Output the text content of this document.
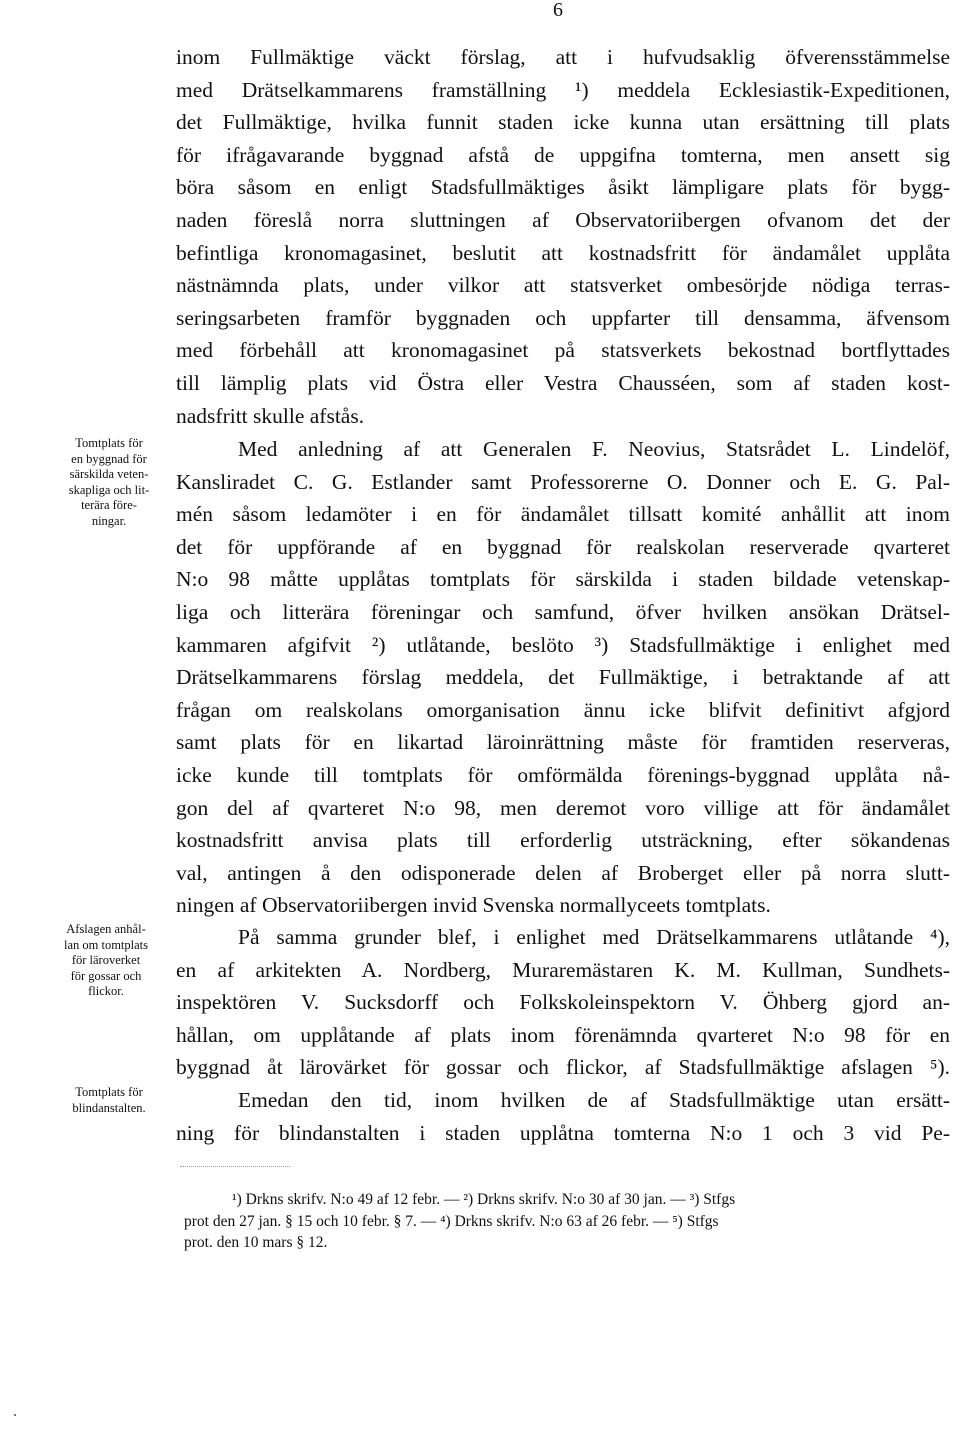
6
inom Fullmäktige väckt förslag, att i hufvudsaklig öfverensstämmelse
med Drätselkammarens framställning ¹) meddela Ecklesiastik-Expeditionen,
det Fullmäktige, hvilka funnit staden icke kunna utan ersättning till plats
för ifrågavarande byggnad afstå de uppgifna tomterna, men ansett sig
böra såsom en enligt Stadsfullmäktiges åsikt lämpligare plats för bygg-
naden föreslå norra sluttningen af Observatoriibergen ofvanom det der
befintliga kronomagasinet, beslutit att kostnadsfritt för ändamålet upplåta
nästnämnda plats, under vilkor att statsverket ombesörjde nödiga terras-
seringsarbeten framför byggnaden och uppfarter till densamma, äfvensom
med förbehåll att kronomagasinet på statsverkets bekostnad bortflyttades
till lämplig plats vid Östra eller Vestra Chausséen, som af staden kost-
nadsfritt skulle afstås.
Tomtplats för
en byggnad för
särskilda veten-
skapliga och lit-
terära före-
ningar.
Med anledning af att Generalen F. Neovius, Statsrådet L. Lindelöf,
Kansliradet C. G. Estlander samt Professorerne O. Donner och E. G. Pal-
mén såsom ledamöter i en för ändamålet tillsatt komité anhållit att inom
det för uppförande af en byggnad för realskolan reserverade qvarteret
N:o 98 måtte upplåtas tomtplats för särskilda i staden bildade vetenskap-
liga och litterära föreningar och samfund, öfver hvilken ansökan Drätsel-
kammaren afgifvit ²) utlåtande, beslöto ³) Stadsfullmäktige i enlighet med
Drätselkammarens förslag meddela, det Fullmäktige, i betraktande af att
frågan om realskolans omorganisation ännu icke blifvit definitivt afgjord
samt plats för en likartad läroinrättning måste för framtiden reserveras,
icke kunde till tomtplats för omförmälda förenings-byggnad upplåta nå-
gon del af qvarteret N:o 98, men deremot voro villige att för ändamålet
kostnadsfritt anvisa plats till erforderlig utsträckning, efter sökandenas
val, antingen å den odisponerade delen af Broberget eller på norra slutt-
ningen af Observatoriibergen invid Svenska normallyceets tomtplats.
Afslagen anhål-
lan om tomtplats
för läroverket
för gossar och
flickor.
På samma grunder blef, i enlighet med Drätselkammarens utlåtande ⁴),
en af arkitekten A. Nordberg, Muraremästaren K. M. Kullman, Sundhets-
inspektören V. Sucksdorff och Folkskoleinspektorn V. Öhberg gjord an-
hållan, om upplåtande af plats inom förenämnda qvarteret N:o 98 för en
byggnad åt lärovärket för gossar och flickor, af Stadsfullmäktige afslagen ⁵).
Tomtplats för
blindanstalten.	Emedan den tid, inom hvilken de af Stadsfullmäktige utan ersätt-
ning för blindanstalten i staden upplåtna tomterna N:o 1 och 3 vid Pe-
¹) Drkns skrifv. N:o 49 af 12 febr. — ²) Drkns skrifv. N:o 30 af 30 jan. — ³) Stfgs
prot den 27 jan. § 15 och 10 febr. § 7. — ⁴) Drkns skrifv. N:o 63 af 26 febr. — ⁵) Stfgs
prot. den 10 mars § 12.
